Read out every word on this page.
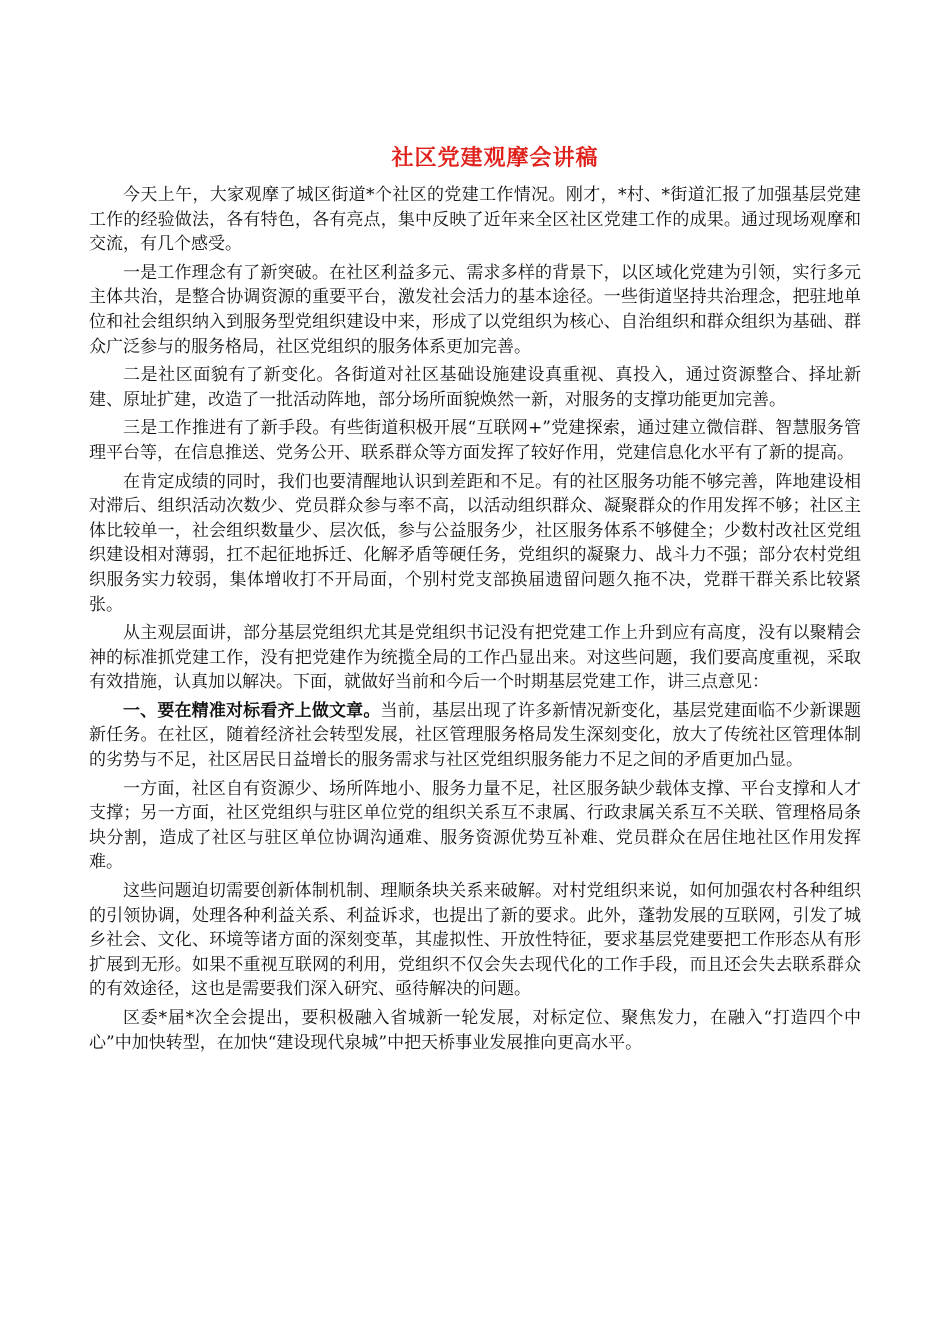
社区党建观摩会讲稿

今天上午，大家观摩了城区街道*个社区的党建工作情况。刚才，*村、*街道汇报了加强基层党建工作的经验做法，各有特色，各有亮点，集中反映了近年来全区社区党建工作的成果。通过现场观摩和交流，有几个感受。

一是工作理念有了新突破。在社区利益多元、需求多样的背景下，以区域化党建为引领，实行多元主体共治，是整合协调资源的重要平台，激发社会活力的基本途径。一些街道坚持共治理念，把驻地单位和社会组织纳入到服务型党组织建设中来，形成了以党组织为核心、自治组织和群众组织为基础、群众广泛参与的服务格局，社区党组织的服务体系更加完善。

二是社区面貌有了新变化。各街道对社区基础设施建设真重视、真投入，通过资源整合、择址新建、原址扩建，改造了一批活动阵地，部分场所面貌焕然一新，对服务的支撑功能更加完善。

三是工作推进有了新手段。有些街道积极开展“互联网+”党建探索，通过建立微信群、智慧服务管理平台等，在信息推送、党务公开、联系群众等方面发挥了较好作用，党建信息化水平有了新的提高。

在肯定成绩的同时，我们也要清醒地认识到差距和不足。有的社区服务功能不够完善，阵地建设相对滞后、组织活动次数少、党员群众参与率不高，以活动组织群众、凝聚群众的作用发挥不够；社区主体比较单一，社会组织数量少、层次低，参与公益服务少，社区服务体系不够健全；少数村改社区党组织建设相对薄弱，扛不起征地拆迁、化解矛盾等硬任务，党组织的凝聚力、战斗力不强；部分农村党组织服务实力较弱，集体增收打不开局面，个别村党支部换届遗留问题久拖不决，党群干群关系比较紧张。

从主观层面讲，部分基层党组织尤其是党组织书记没有把党建工作上升到应有高度，没有以聚精会神的标准抓党建工作，没有把党建作为统揽全局的工作凸显出来。对这些问题，我们要高度重视，采取有效措施，认真加以解决。下面，就做好当前和今后一个时期基层党建工作，讲三点意见：

一、要在精准对标看齐上做文章。当前，基层出现了许多新情况新变化，基层党建面临不少新课题新任务。在社区，随着经济社会转型发展，社区管理服务格局发生深刻变化，放大了传统社区管理体制的劣势与不足，社区居民日益增长的服务需求与社区党组织服务能力不足之间的矛盾更加凸显。

一方面，社区自有资源少、场所阵地小、服务力量不足，社区服务缺少载体支撑、平台支撑和人才支撑；另一方面，社区党组织与驻区单位党的组织关系互不隶属、行政隶属关系互不关联、管理格局条块分割，造成了社区与驻区单位协调沟通难、服务资源优势互补难、党员群众在居住地社区作用发挥难。

这些问题迫切需要创新体制机制、理顺条块关系来破解。对村党组织来说，如何加强农村各种组织的引领协调，处理各种利益关系、利益诉求，也提出了新的要求。此外，蓬勃发展的互联网，引发了城乡社会、文化、环境等诸方面的深刻变革，其虚拟性、开放性特征，要求基层党建要把工作形态从有形扩展到无形。如果不重视互联网的利用，党组织不仅会失去现代化的工作手段，而且还会失去联系群众的有效途径，这也是需要我们深入研究、亟待解决的问题。

区委*届*次全会提出，要积极融入省城新一轮发展，对标定位、聚焦发力，在融入“打造四个中心”中加快转型，在加快“建设现代泉城”中把天桥事业发展推向更高水平。
